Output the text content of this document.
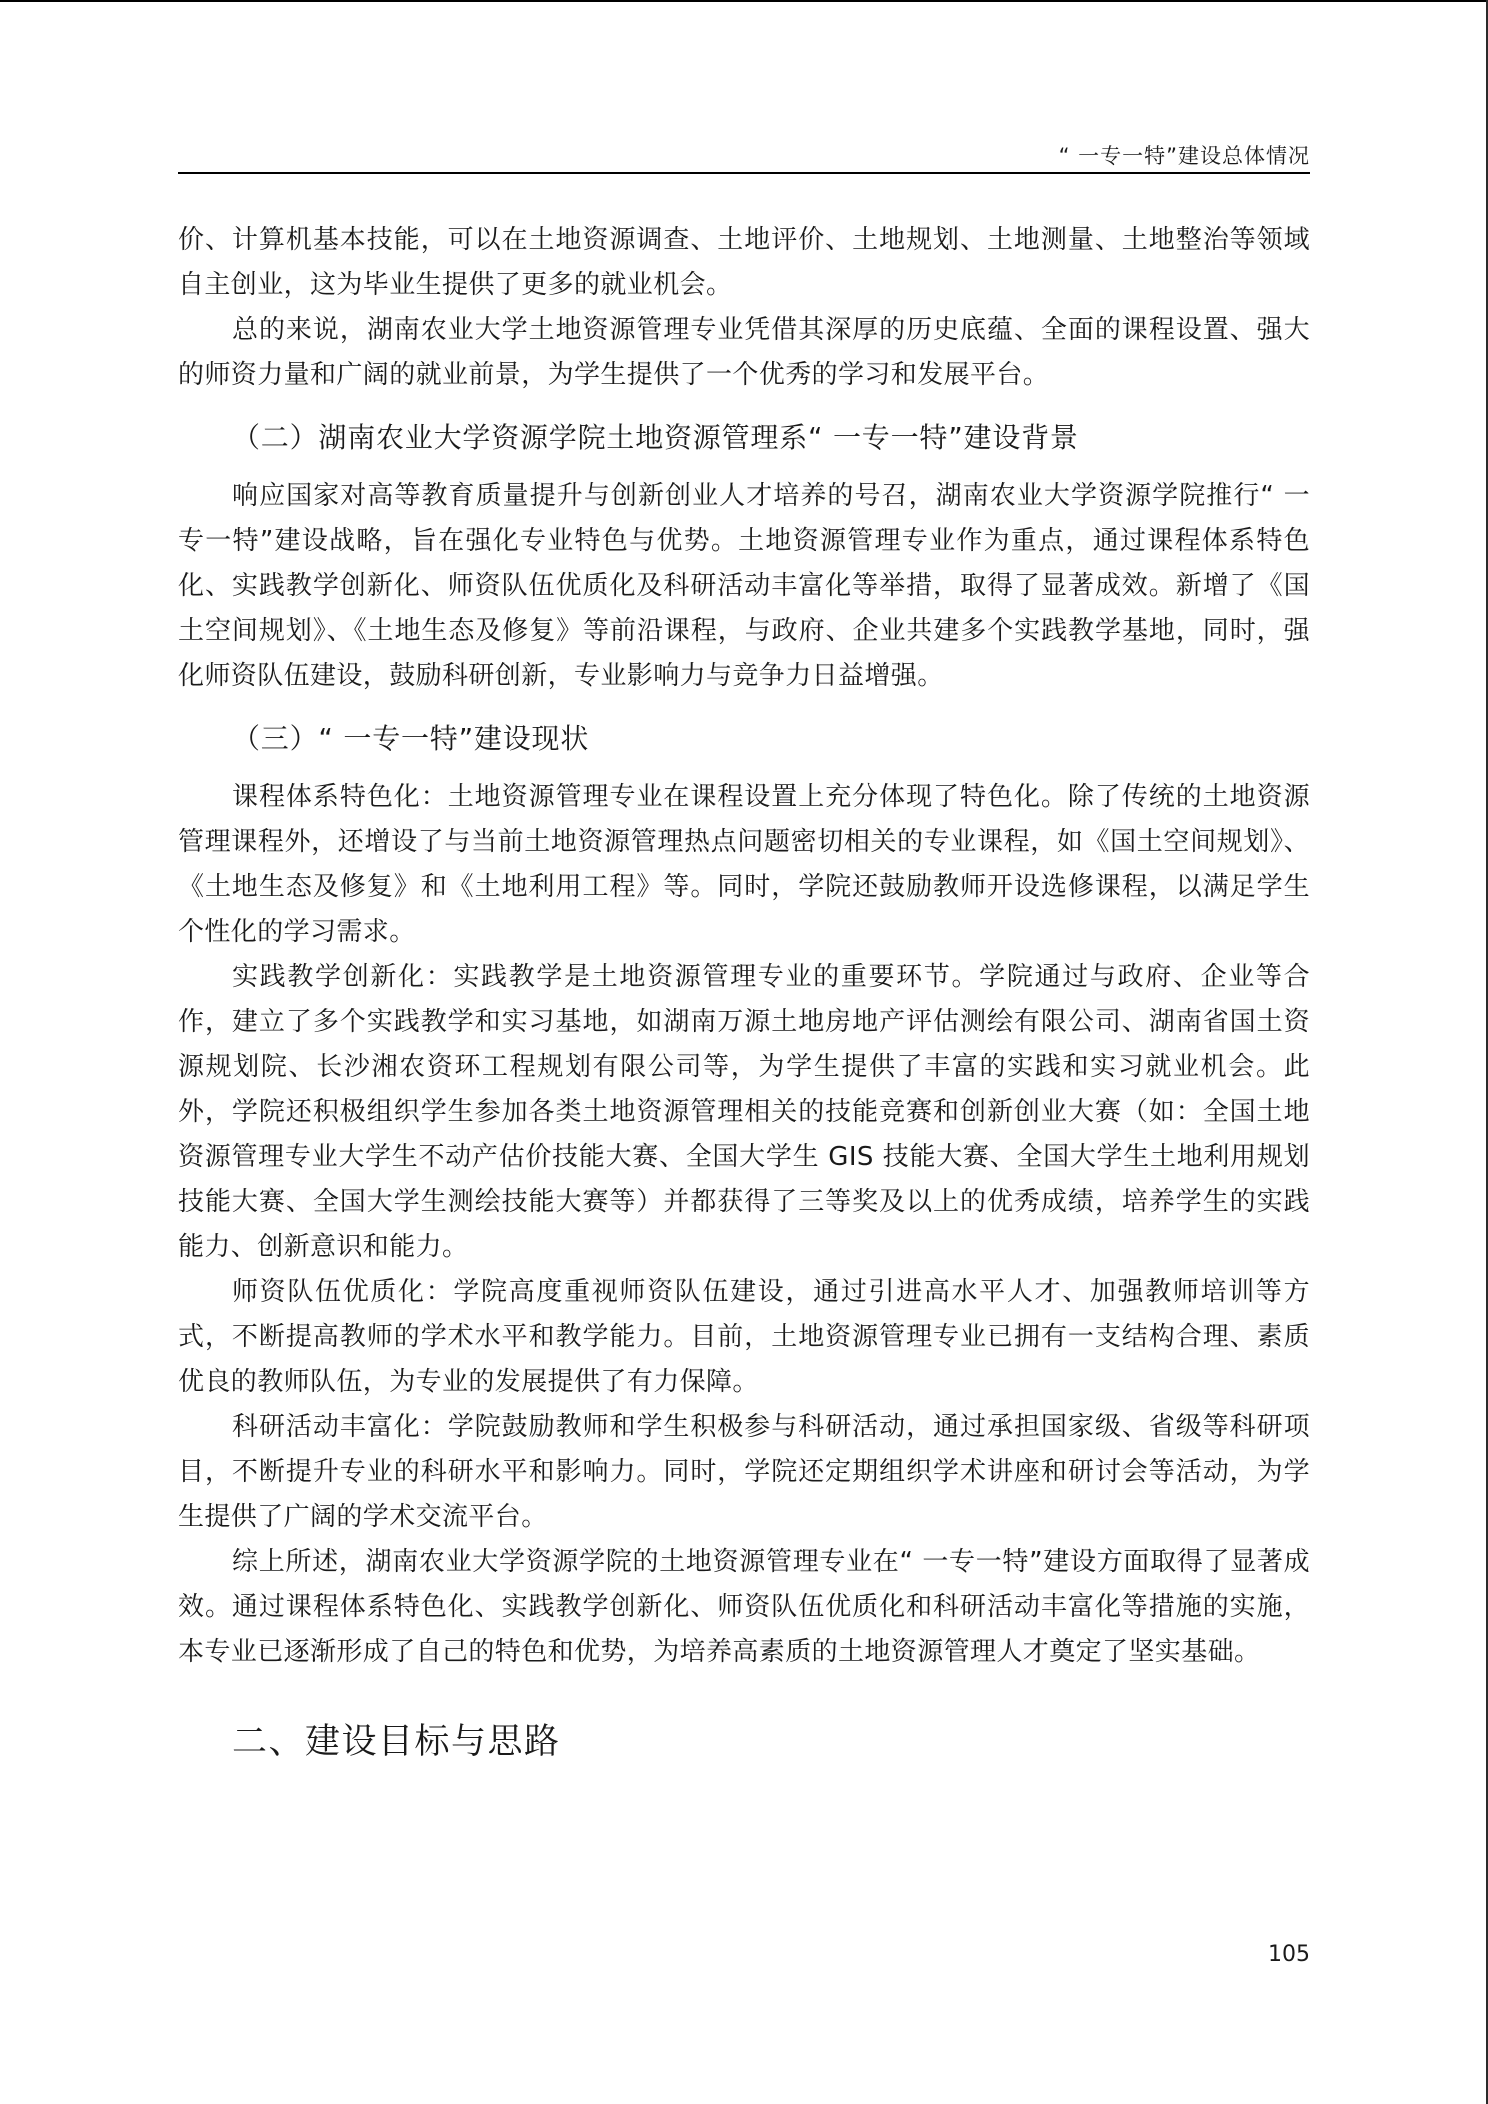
“ 一专一特”建设总体情况

价、计算机基本技能，可以在土地资源调查、土地评价、土地规划、土地测量、土地整治等领域自主创业，这为毕业生提供了更多的就业机会。

总的来说，湖南农业大学土地资源管理专业凭借其深厚的历史底蕴、全面的课程设置、强大的师资力量和广阔的就业前景，为学生提供了一个优秀的学习和发展平台。

（二）湖南农业大学资源学院土地资源管理系“ 一专一特”建设背景

响应国家对高等教育质量提升与创新创业人才培养的号召，湖南农业大学资源学院推行“ 一专一特”建设战略，旨在强化专业特色与优势。土地资源管理专业作为重点，通过课程体系特色化、实践教学创新化、师资队伍优质化及科研活动丰富化等举措，取得了显著成效。新增了《国土空间规划》、《土地生态及修复》等前沿课程，与政府、企业共建多个实践教学基地，同时，强化师资队伍建设，鼓励科研创新，专业影响力与竞争力日益增强。

（三）“ 一专一特”建设现状

课程体系特色化：土地资源管理专业在课程设置上充分体现了特色化。除了传统的土地资源管理课程外，还增设了与当前土地资源管理热点问题密切相关的专业课程，如《国土空间规划》、《土地生态及修复》和《土地利用工程》等。同时，学院还鼓励教师开设选修课程，以满足学生个性化的学习需求。

实践教学创新化：实践教学是土地资源管理专业的重要环节。学院通过与政府、企业等合作，建立了多个实践教学和实习基地，如湖南万源土地房地产评估测绘有限公司、湖南省国土资源规划院、长沙湘农资环工程规划有限公司等，为学生提供了丰富的实践和实习就业机会。此外，学院还积极组织学生参加各类土地资源管理相关的技能竞赛和创新创业大赛（如：全国土地资源管理专业大学生不动产估价技能大赛、全国大学生 GIS 技能大赛、全国大学生土地利用规划技能大赛、全国大学生测绘技能大赛等）并都获得了三等奖及以上的优秀成绩，培养学生的实践能力、创新意识和能力。

师资队伍优质化：学院高度重视师资队伍建设，通过引进高水平人才、加强教师培训等方式，不断提高教师的学术水平和教学能力。目前，土地资源管理专业已拥有一支结构合理、素质优良的教师队伍，为专业的发展提供了有力保障。

科研活动丰富化：学院鼓励教师和学生积极参与科研活动，通过承担国家级、省级等科研项目，不断提升专业的科研水平和影响力。同时，学院还定期组织学术讲座和研讨会等活动，为学生提供了广阔的学术交流平台。

综上所述，湖南农业大学资源学院的土地资源管理专业在“ 一专一特”建设方面取得了显著成效。通过课程体系特色化、实践教学创新化、师资队伍优质化和科研活动丰富化等措施的实施，本专业已逐渐形成了自己的特色和优势，为培养高素质的土地资源管理人才奠定了坚实基础。

二、建设目标与思路
105
